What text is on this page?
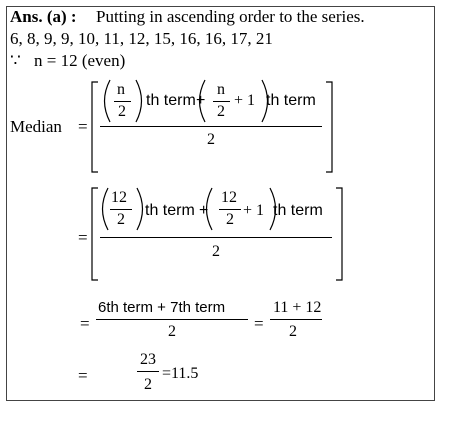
Ans. (a) : Putting in ascending order to the series.
6, 8, 9, 9, 10, 11, 12, 15, 16, 16, 17, 21
∵ n = 12 (even)
Median =
n
2
th term +
n
2
+ 1 th term
2
=
12
2
th term +
12
2
+ 1 th term
2
=
6th term + 7th term
2	=
11 + 12
2
=
23
2
=11.5
